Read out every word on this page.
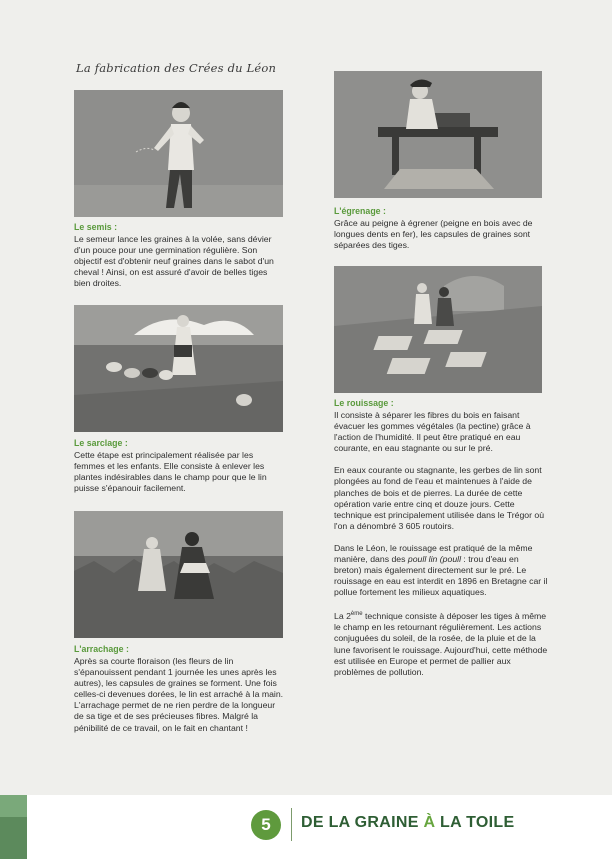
La fabrication des Crées du Léon
Le semis :

Le semeur lance les graines à la volée, sans dévier d'un pouce pour une germination régulière. Son objectif est d'obtenir neuf graines dans le sabot d'un cheval ! Ainsi, on est assuré d'avoir de belles tiges bien droites.

Le sarclage :

Cette étape est principalement réalisée par les femmes et les enfants. Elle consiste à enlever les plantes indésirables dans le champ pour que le lin puisse s'épanouir facilement.

L'arrachage :

Après sa courte floraison (les fleurs de lin s'épanouissent pendant 1 journée les unes après les autres), les capsules de graines se forment. Une fois celles-ci devenues dorées, le lin est arraché à la main. L'arrachage permet de ne rien perdre de la longueur de sa tige et de ses précieuses fibres. Malgré la pénibilité de ce travail, on le fait en chantant !

L'égrenage :

Grâce au peigne à égrener (peigne en bois avec de longues dents en fer), les capsules de graines sont séparées des tiges.

Le rouissage :

Il consiste à séparer les fibres du bois en faisant évacuer les gommes végétales (la pectine) grâce à l'action de l'humidité. Il peut être pratiqué en eau courante, en eau stagnante ou sur le pré.

En eaux courante ou stagnante, les gerbes de lin sont plongées au fond de l'eau et maintenues à l'aide de planches de bois et de pierres. La durée de cette opération varie entre cinq et douze jours. Cette technique est principalement utilisée dans le Trégor où l'on a dénombré 3 605 routoirs.

Dans le Léon, le rouissage est pratiqué de la même manière, dans des poull lin (poull : trou d'eau en breton) mais également directement sur le pré. Le rouissage en eau est interdit en 1896 en Bretagne car il pollue fortement les milieux aquatiques.

La 2ème technique consiste à déposer les tiges à même le champ en les retournant régulièrement. Les actions conjuguées du soleil, de la rosée, de la pluie et de la lune favorisent le rouissage. Aujourd'hui, cette méthode est utilisée en Europe et permet de pallier aux problèmes de pollution.

5	DE LA GRAINE À LA TOILE
